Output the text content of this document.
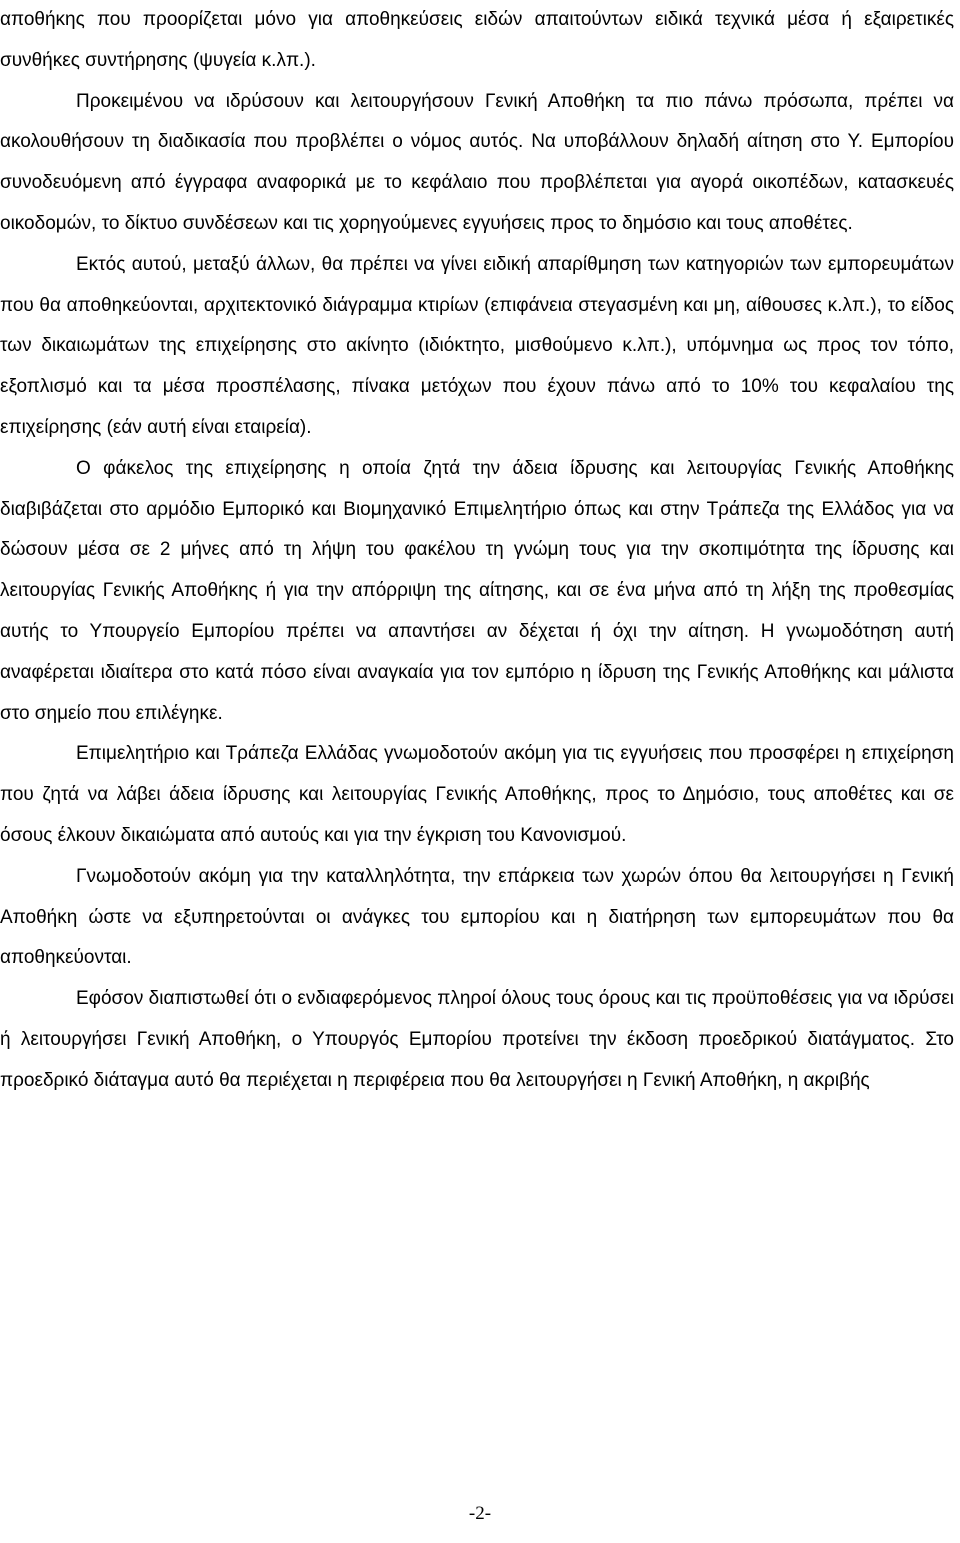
αποθήκης που προορίζεται μόνο για αποθηκεύσεις ειδών απαιτούντων ειδικά τεχνικά μέσα ή εξαιρετικές συνθήκες συντήρησης (ψυγεία κ.λπ.).

Προκειμένου να ιδρύσουν και λειτουργήσουν Γενική Αποθήκη τα πιο πάνω πρόσωπα, πρέπει να ακολουθήσουν τη διαδικασία που προβλέπει ο νόμος αυτός. Να υποβάλλουν δηλαδή αίτηση στο Υ. Εμπορίου συνοδευόμενη από έγγραφα αναφορικά με το κεφάλαιο που προβλέπεται για αγορά οικοπέδων, κατασκευές οικοδομών, το δίκτυο συνδέσεων και τις χορηγούμενες εγγυήσεις προς το δημόσιο και τους αποθέτες.

Εκτός αυτού, μεταξύ άλλων, θα πρέπει να γίνει ειδική απαρίθμηση των κατηγοριών των εμπορευμάτων που θα αποθηκεύονται, αρχιτεκτονικό διάγραμμα κτιρίων (επιφάνεια στεγασμένη και μη, αίθουσες κ.λπ.), το είδος των δικαιωμάτων της επιχείρησης στο ακίνητο (ιδιόκτητο, μισθούμενο κ.λπ.), υπόμνημα ως προς τον τόπο, εξοπλισμό και τα μέσα προσπέλασης, πίνακα μετόχων που έχουν πάνω από το 10% του κεφαλαίου της επιχείρησης (εάν αυτή είναι εταιρεία).

Ο φάκελος της επιχείρησης η οποία ζητά την άδεια ίδρυσης και λειτουργίας Γενικής Αποθήκης διαβιβάζεται στο αρμόδιο Εμπορικό και Βιομηχανικό Επιμελητήριο όπως και στην Τράπεζα της Ελλάδος για να δώσουν μέσα σε 2 μήνες από τη λήψη του φακέλου τη γνώμη τους για την σκοπιμότητα της ίδρυσης και λειτουργίας Γενικής Αποθήκης ή για την απόρριψη της αίτησης, και σε ένα μήνα από τη λήξη της προθεσμίας αυτής το Υπουργείο Εμπορίου πρέπει να απαντήσει αν δέχεται ή όχι την αίτηση. Η γνωμοδότηση αυτή αναφέρεται ιδιαίτερα στο κατά πόσο είναι αναγκαία για τον εμπόριο η ίδρυση της Γενικής Αποθήκης και μάλιστα στο σημείο που επιλέγηκε.

Επιμελητήριο και Τράπεζα Ελλάδας γνωμοδοτούν ακόμη για τις εγγυήσεις που προσφέρει η επιχείρηση που ζητά να λάβει άδεια ίδρυσης και λειτουργίας Γενικής Αποθήκης, προς το Δημόσιο, τους αποθέτες και σε όσους έλκουν δικαιώματα από αυτούς και για την έγκριση του Κανονισμού.

Γνωμοδοτούν ακόμη για την καταλληλότητα, την επάρκεια των χωρών όπου θα λειτουργήσει η Γενική Αποθήκη ώστε να εξυπηρετούνται οι ανάγκες του εμπορίου και η διατήρηση των εμπορευμάτων που θα αποθηκεύονται.

Εφόσον διαπιστωθεί ότι ο ενδιαφερόμενος πληροί όλους τους όρους και τις προϋποθέσεις για να ιδρύσει ή λειτουργήσει Γενική Αποθήκη, ο Υπουργός Εμπορίου προτείνει την έκδοση προεδρικού διατάγματος. Στο προεδρικό διάταγμα αυτό θα περιέχεται η περιφέρεια που θα λειτουργήσει η Γενική Αποθήκη, η ακριβής

-2-
